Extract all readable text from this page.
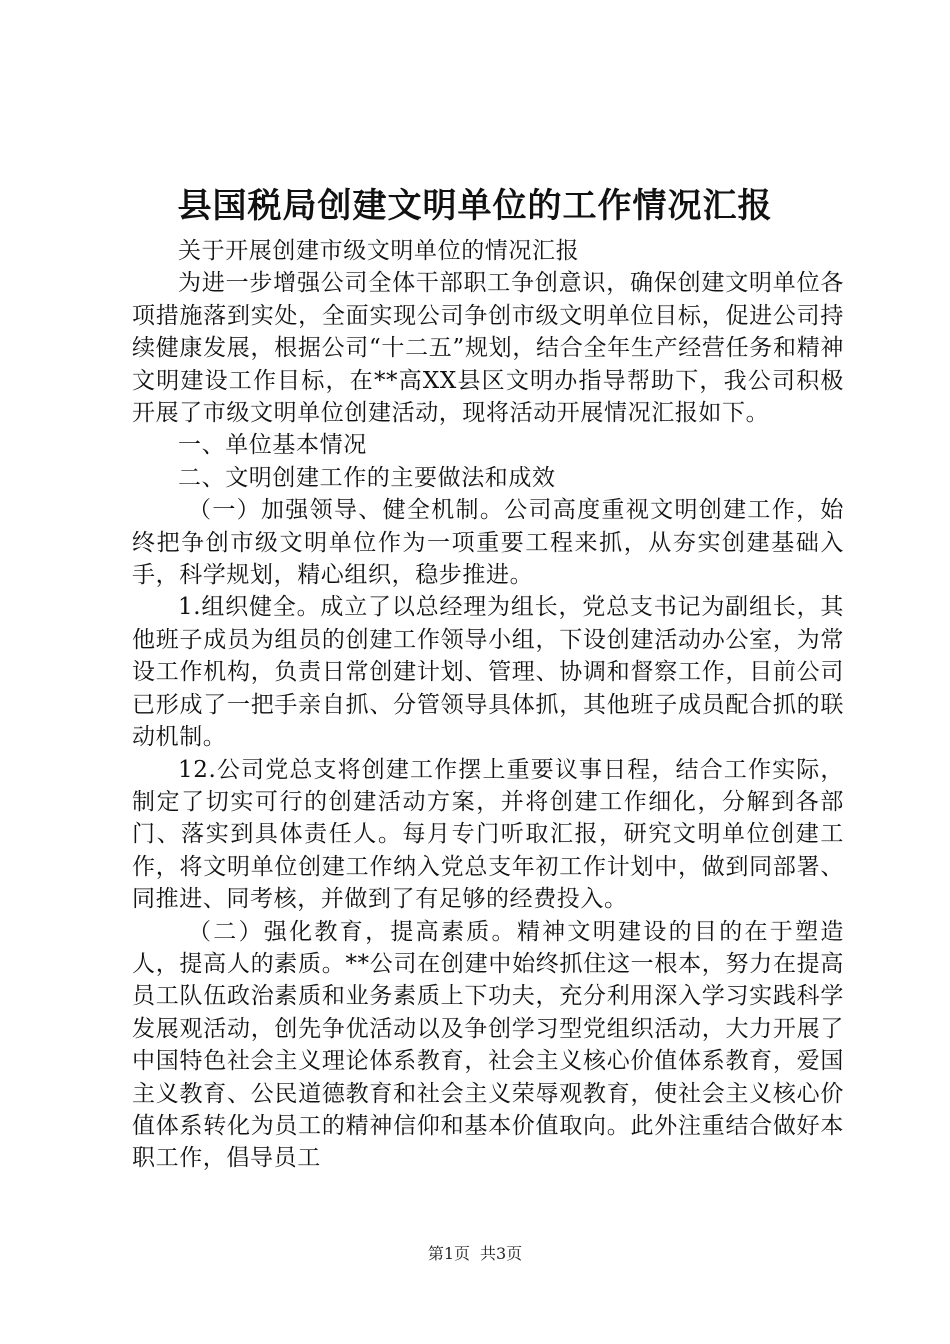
县国税局创建文明单位的工作情况汇报

关于开展创建市级文明单位的情况汇报

为进一步增强公司全体干部职工争创意识，确保创建文明单位各项措施落到实处，全面实现公司争创市级文明单位目标，促进公司持续健康发展，根据公司“十二五”规划，结合全年生产经营任务和精神文明建设工作目标，在**高XX县区文明办指导帮助下，我公司积极开展了市级文明单位创建活动，现将活动开展情况汇报如下。

一、单位基本情况

二、文明创建工作的主要做法和成效

（一）加强领导、健全机制。公司高度重视文明创建工作，始终把争创市级文明单位作为一项重要工程来抓，从夯实创建基础入手，科学规划，精心组织，稳步推进。

1.组织健全。成立了以总经理为组长，党总支书记为副组长，其他班子成员为组员的创建工作领导小组，下设创建活动办公室，为常设工作机构，负责日常创建计划、管理、协调和督察工作，目前公司已形成了一把手亲自抓、分管领导具体抓，其他班子成员配合抓的联动机制。

12.公司党总支将创建工作摆上重要议事日程，结合工作实际，制定了切实可行的创建活动方案，并将创建工作细化，分解到各部门、落实到具体责任人。每月专门听取汇报，研究文明单位创建工作，将文明单位创建工作纳入党总支年初工作计划中，做到同部署、同推进、同考核，并做到了有足够的经费投入。

（二）强化教育，提高素质。精神文明建设的目的在于塑造人，提高人的素质。**公司在创建中始终抓住这一根本，努力在提高员工队伍政治素质和业务素质上下功夫，充分利用深入学习实践科学发展观活动，创先争优活动以及争创学习型党组织活动，大力开展了中国特色社会主义理论体系教育，社会主义核心价值体系教育，爱国主义教育、公民道德教育和社会主义荣辱观教育，使社会主义核心价值体系转化为员工的精神信仰和基本价值取向。此外注重结合做好本职工作，倡导员工

第1页 共3页
